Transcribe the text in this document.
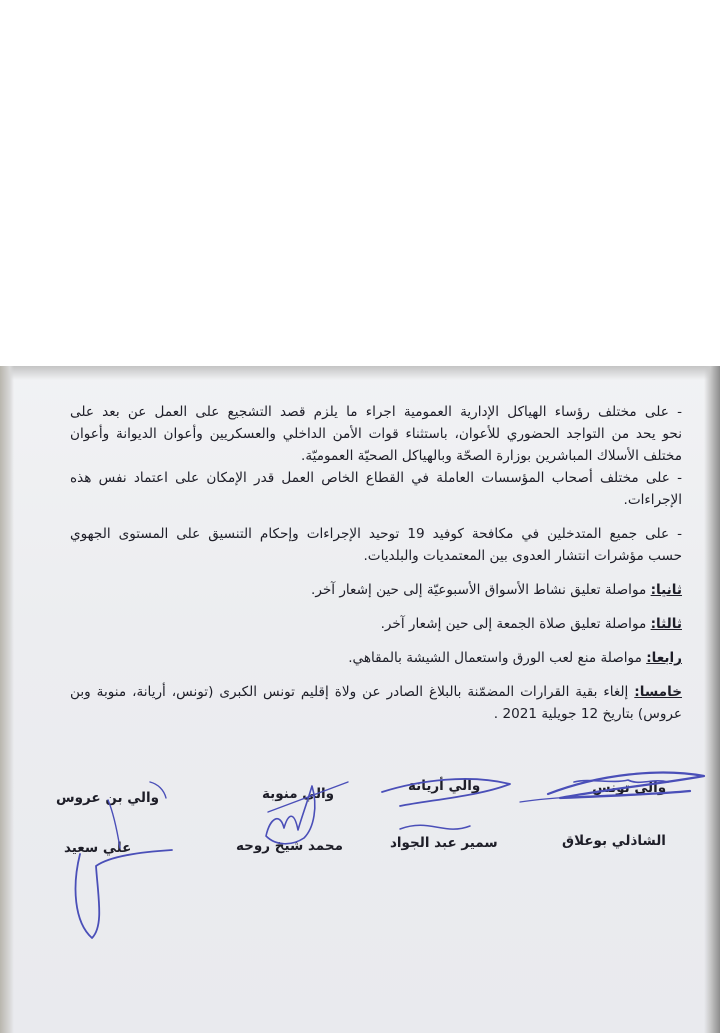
- على مختلف رؤساء الهياكل الإدارية العمومية اجراء ما يلزم قصد التشجيع على العمل عن بعد على
نحو يحد من التواجد الحضوري للأعوان، باستثناء قوات الأمن الداخلي والعسكريين وأعوان الديوانة وأعوان
مختلف الأسلاك المباشرين بوزارة الصحّة وبالهياكل الصحيّة العموميّة.
- على مختلف أصحاب المؤسسات العاملة في القطاع الخاص العمل قدر الإمكان على اعتماد نفس هذه
الإجراءات.
- على جميع المتدخلين في مكافحة كوفيد 19 توحيد الإجراءات وإحكام التنسيق على المستوى الجهوي
حسب مؤشرات انتشار العدوى بين المعتمديات والبلديات.
ثانيا: مواصلة تعليق نشاط الأسواق الأسبوعيّة إلى حين إشعار آخر.
ثالثا: مواصلة تعليق صلاة الجمعة إلى حين إشعار آخر.
رابعا: مواصلة منع لعب الورق واستعمال الشيشة بالمقاهي.
خامسا: إلغاء بقية القرارات المضمّنة بالبلاغ الصادر عن ولاة إقليم تونس الكبرى (تونس، أريانة، منوبة وبن
عروس) بتاريخ 12 جويلية 2021 .
والي تونس
الشاذلي بوعلاق
والي أريانة
سمير عبد الجواد
والي منوبة
محمد شيخ روحه
والي بن عروس
علي سعيد
